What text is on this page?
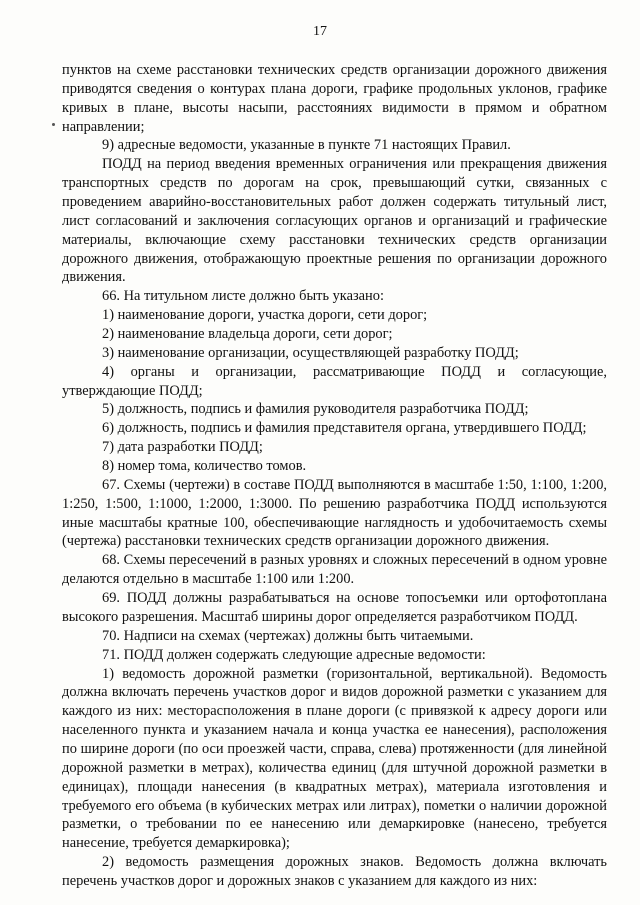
17

пунктов на схеме расстановки технических средств организации дорожного движения приводятся сведения о контурах плана дороги, графике продольных уклонов, графике кривых в плане, высоты насыпи, расстояниях видимости в прямом и обратном направлении;

9) адресные ведомости, указанные в пункте 71 настоящих Правил.

ПОДД на период введения временных ограничения или прекращения движения транспортных средств по дорогам на срок, превышающий сутки, связанных с проведением аварийно-восстановительных работ должен содержать титульный лист, лист согласований и заключения согласующих органов и организаций и графические материалы, включающие схему расстановки технических средств организации дорожного движения, отображающую проектные решения по организации дорожного движения.

66. На титульном листе должно быть указано:

1) наименование дороги, участка дороги, сети дорог;

2) наименование владельца дороги, сети дорог;

3) наименование организации, осуществляющей разработку ПОДД;

4) органы и организации, рассматривающие ПОДД и согласующие, утверждающие ПОДД;

5) должность, подпись и фамилия руководителя разработчика ПОДД;

6) должность, подпись и фамилия представителя органа, утвердившего ПОДД;

7) дата разработки ПОДД;

8) номер тома, количество томов.

67. Схемы (чертежи) в составе ПОДД выполняются в масштабе 1:50, 1:100, 1:200, 1:250, 1:500, 1:1000, 1:2000, 1:3000. По решению разработчика ПОДД используются иные масштабы кратные 100, обеспечивающие наглядность и удобочитаемость схемы (чертежа) расстановки технических средств организации дорожного движения.

68. Схемы пересечений в разных уровнях и сложных пересечений в одном уровне делаются отдельно в масштабе 1:100 или 1:200.

69. ПОДД должны разрабатываться на основе топосъемки или ортофотоплана высокого разрешения. Масштаб ширины дорог определяется разработчиком ПОДД.

70. Надписи на схемах (чертежах) должны быть читаемыми.

71. ПОДД должен содержать следующие адресные ведомости:

1) ведомость дорожной разметки (горизонтальной, вертикальной). Ведомость должна включать перечень участков дорог и видов дорожной разметки с указанием для каждого из них: месторасположения в плане дороги (с привязкой к адресу дороги или населенного пункта и указанием начала и конца участка ее нанесения), расположения по ширине дороги (по оси проезжей части, справа, слева) протяженности (для линейной дорожной разметки в метрах), количества единиц (для штучной дорожной разметки в единицах), площади нанесения (в квадратных метрах), материала изготовления и требуемого его объема (в кубических метрах или литрах), пометки о наличии дорожной разметки, о требовании по ее нанесению или демаркировке (нанесено, требуется нанесение, требуется демаркировка);

2) ведомость размещения дорожных знаков. Ведомость должна включать перечень участков дорог и дорожных знаков с указанием для каждого из них:
